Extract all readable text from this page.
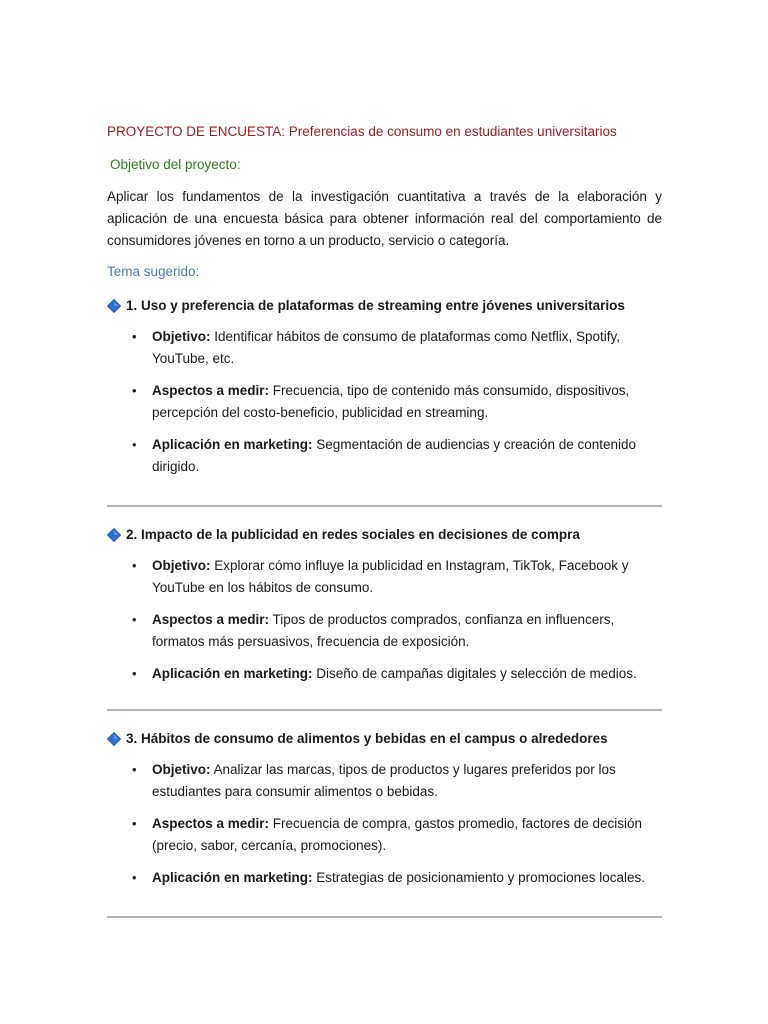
PROYECTO DE ENCUESTA: Preferencias de consumo en estudiantes universitarios

Objetivo del proyecto:

Aplicar los fundamentos de la investigación cuantitativa a través de la elaboración y aplicación de una encuesta básica para obtener información real del comportamiento de consumidores jóvenes en torno a un producto, servicio o categoría.

Tema sugerido:

1. Uso y preferencia de plataformas de streaming entre jóvenes universitarios

• Objetivo: Identificar hábitos de consumo de plataformas como Netflix, Spotify, YouTube, etc.
• Aspectos a medir: Frecuencia, tipo de contenido más consumido, dispositivos, percepción del costo-beneficio, publicidad en streaming.
• Aplicación en marketing: Segmentación de audiencias y creación de contenido dirigido.

2. Impacto de la publicidad en redes sociales en decisiones de compra

• Objetivo: Explorar cómo influye la publicidad en Instagram, TikTok, Facebook y YouTube en los hábitos de consumo.
• Aspectos a medir: Tipos de productos comprados, confianza en influencers, formatos más persuasivos, frecuencia de exposición.
• Aplicación en marketing: Diseño de campañas digitales y selección de medios.

3. Hábitos de consumo de alimentos y bebidas en el campus o alrededores

• Objetivo: Analizar las marcas, tipos de productos y lugares preferidos por los estudiantes para consumir alimentos o bebidas.
• Aspectos a medir: Frecuencia de compra, gastos promedio, factores de decisión (precio, sabor, cercanía, promociones).
• Aplicación en marketing: Estrategias de posicionamiento y promociones locales.
